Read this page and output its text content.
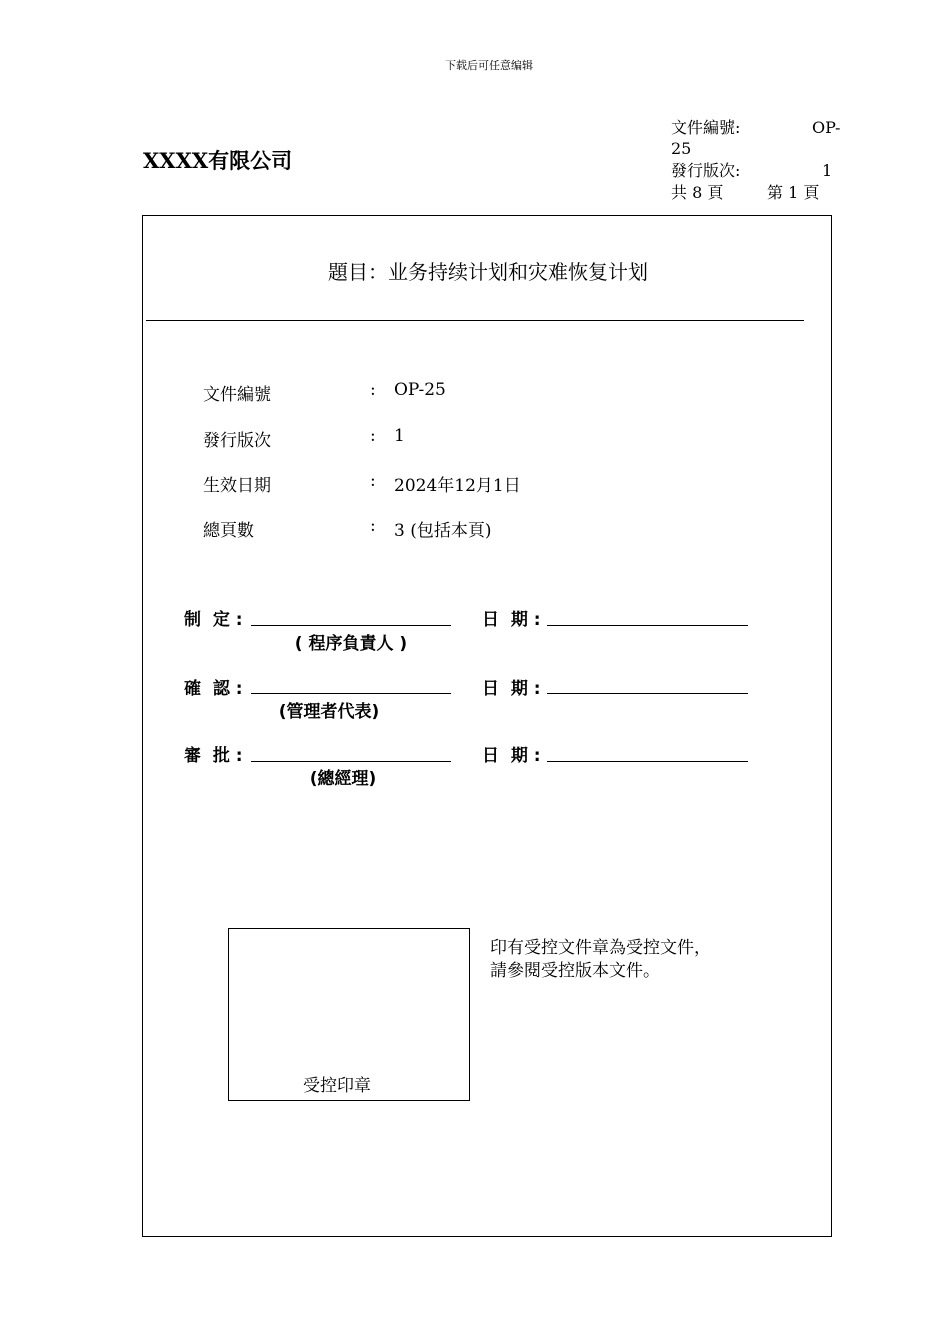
下载后可任意编辑
XXXX有限公司
文件編號:	OP-
25
發行版次:	1
共 8 頁	第 1 頁
題目：业务持续计划和灾难恢复计划
文件編號	: OP-25
發行版次	: 1
生效日期	: 2024年12月1日
總頁數	: 3 (包括本頁)
制  定 :	日  期 :
( 程序負責人 )
確  認 :	日  期 :
(管理者代表)
審  批 :	日  期 :
(總經理)
受控印章
印有受控文件章為受控文件，
請參閱受控版本文件。
